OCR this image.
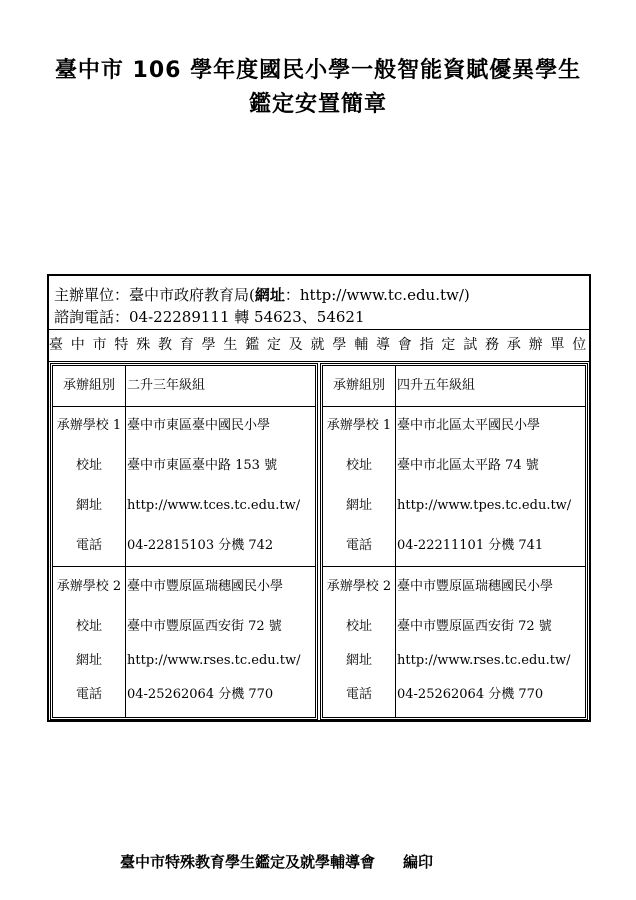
臺中市 106 學年度國民小學一般智能資賦優異學生
鑑定安置簡章
主辦單位：臺中市政府教育局(網址：http://www.tc.edu.tw/)
諮詢電話：04-22289111 轉 54623、54621
臺中市特殊教育學生鑑定及就學輔導會指定試務承辦單位
承辦組別 二升三年級組
承辦學校 1 臺中市東區臺中國民小學
校址	臺中市東區臺中路 153 號
網址	http://www.tces.tc.edu.tw/
電話	04-22815103 分機 742
承辦學校 2 臺中市豐原區瑞穗國民小學
校址	臺中市豐原區西安街 72 號
網址	http://www.rses.tc.edu.tw/
電話	04-25262064 分機 770
承辦組別 四升五年級組
承辦學校 1 臺中市北區太平國民小學
校址	臺中市北區太平路 74 號
網址	http://www.tpes.tc.edu.tw/
電話	04-22211101 分機 741
承辦學校 2 臺中市豐原區瑞穗國民小學
校址	臺中市豐原區西安街 72 號
網址	http://www.rses.tc.edu.tw/
電話	04-25262064 分機 770
臺中市特殊教育學生鑑定及就學輔導會 編印
